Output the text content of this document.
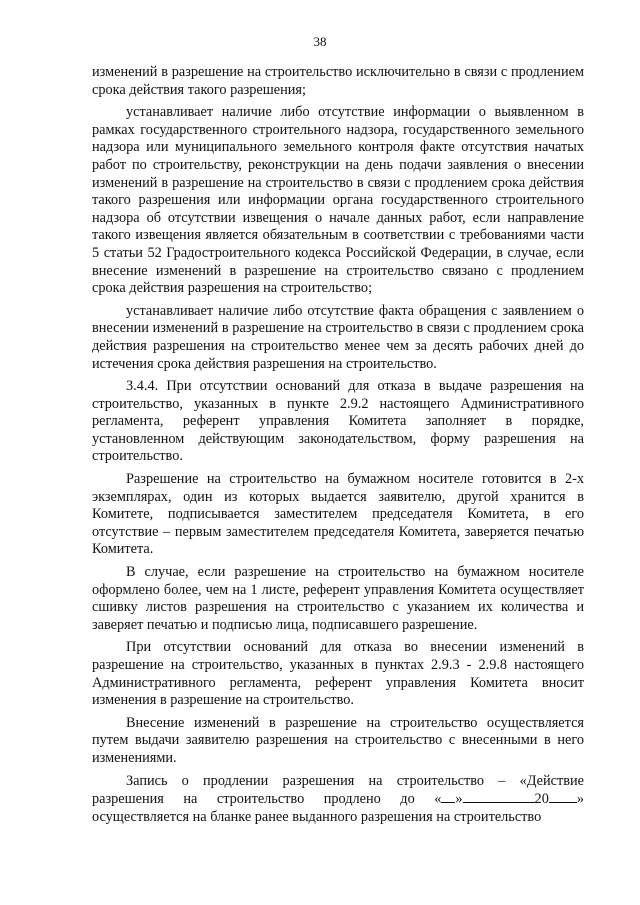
38

изменений в разрешение на строительство исключительно в связи с продлением срока действия такого разрешения;

устанавливает наличие либо отсутствие информации о выявленном в рамках государственного строительного надзора, государственного земельного надзора или муниципального земельного контроля факте отсутствия начатых работ по строительству, реконструкции на день подачи заявления о внесении изменений в разрешение на строительство в связи с продлением срока действия такого разрешения или информации органа государственного строительного надзора об отсутствии извещения о начале данных работ, если направление такого извещения является обязательным в соответствии с требованиями части 5 статьи 52 Градостроительного кодекса Российской Федерации, в случае, если внесение изменений в разрешение на строительство связано с продлением срока действия разрешения на строительство;

устанавливает наличие либо отсутствие факта обращения с заявлением о внесении изменений в разрешение на строительство в связи с продлением срока действия разрешения на строительство менее чем за десять рабочих дней до истечения срока действия разрешения на строительство.

3.4.4. При отсутствии оснований для отказа в выдаче разрешения на строительство, указанных в пункте 2.9.2 настоящего Административного регламента, референт управления Комитета заполняет в порядке, установленном действующим законодательством, форму разрешения на строительство.

Разрешение на строительство на бумажном носителе готовится в 2-х экземплярах, один из которых выдается заявителю, другой хранится в Комитете, подписывается заместителем председателя Комитета, в его отсутствие – первым заместителем председателя Комитета, заверяется печатью Комитета.

В случае, если разрешение на строительство на бумажном носителе оформлено более, чем на 1 листе, референт управления Комитета осуществляет сшивку листов разрешения на строительство с указанием их количества и заверяет печатью и подписью лица, подписавшего разрешение.

При отсутствии оснований для отказа во внесении изменений в разрешение на строительство, указанных в пунктах 2.9.3 - 2.9.8 настоящего Административного регламента, референт управления Комитета вносит изменения в разрешение на строительство.

Внесение изменений в разрешение на строительство осуществляется путем выдачи заявителю разрешения на строительство с внесенными в него изменениями.

Запись о продлении разрешения на строительство – «Действие разрешения на строительство продлено до « »	20 » осуществляется на бланке ранее выданного разрешения на строительство
